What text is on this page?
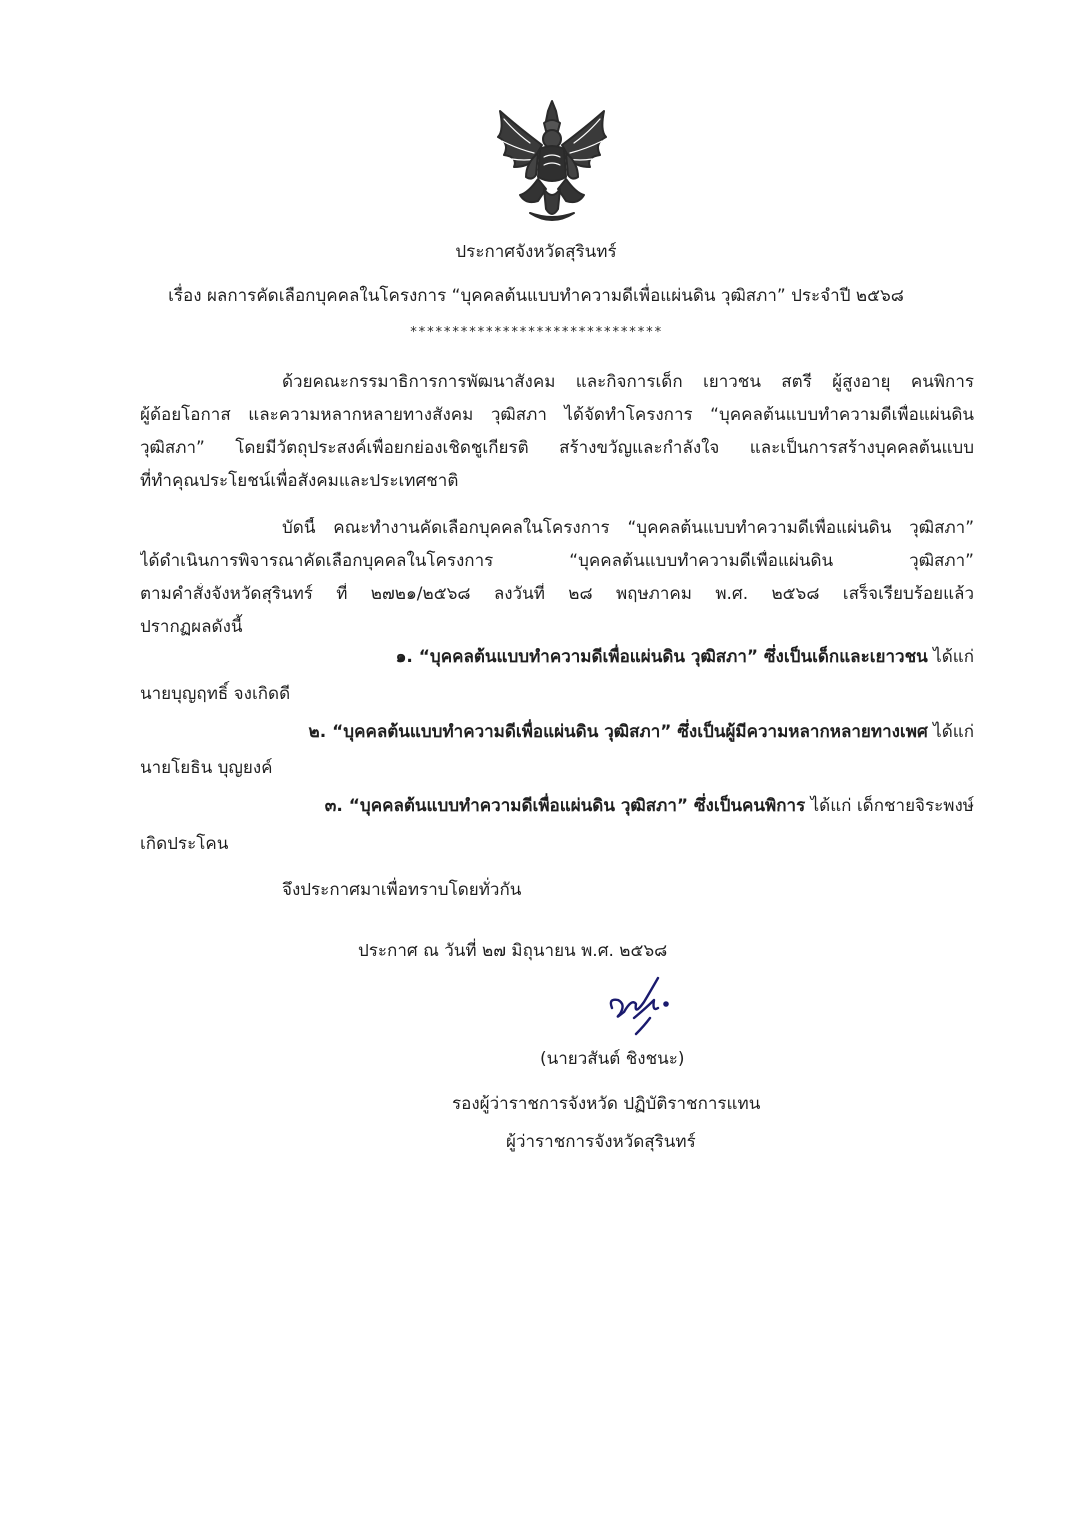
ประกาศจังหวัดสุรินทร์
เรื่อง ผลการคัดเลือกบุคคลในโครงการ “บุคคลต้นแบบทำความดีเพื่อแผ่นดิน วุฒิสภา” ประจำปี ๒๕๖๘
******************************
ด้วยคณะกรรมาธิการการพัฒนาสังคม และกิจการเด็ก เยาวชน สตรี ผู้สูงอายุ คนพิการ
ผู้ด้อยโอกาส และความหลากหลายทางสังคม วุฒิสภา ได้จัดทำโครงการ “บุคคลต้นแบบทำความดีเพื่อแผ่นดิน
วุฒิสภา” โดยมีวัตถุประสงค์เพื่อยกย่องเชิดชูเกียรติ สร้างขวัญและกำลังใจ และเป็นการสร้างบุคคลต้นแบบ
ที่ทำคุณประโยชน์เพื่อสังคมและประเทศชาติ
บัดนี้ คณะทำงานคัดเลือกบุคคลในโครงการ “บุคคลต้นแบบทำความดีเพื่อแผ่นดิน วุฒิสภา”
ได้ดำเนินการพิจารณาคัดเลือกบุคคลในโครงการ “บุคคลต้นแบบทำความดีเพื่อแผ่นดิน วุฒิสภา”
ตามคำสั่งจังหวัดสุรินทร์ ที่ ๒๗๒๑/๒๕๖๘ ลงวันที่ ๒๘ พฤษภาคม พ.ศ. ๒๕๖๘ เสร็จเรียบร้อยแล้ว
ปรากฏผลดังนี้
๑. “บุคคลต้นแบบทำความดีเพื่อแผ่นดิน วุฒิสภา” ซึ่งเป็นเด็กและเยาวชน ได้แก่
นายบุญฤทธิ์ จงเกิดดี
๒. “บุคคลต้นแบบทำความดีเพื่อแผ่นดิน วุฒิสภา” ซึ่งเป็นผู้มีความหลากหลายทางเพศ ได้แก่
นายโยธิน บุญยงค์
๓. “บุคคลต้นแบบทำความดีเพื่อแผ่นดิน วุฒิสภา” ซึ่งเป็นคนพิการ ได้แก่ เด็กชายจิระพงษ์
เกิดประโคน
จึงประกาศมาเพื่อทราบโดยทั่วกัน
ประกาศ ณ วันที่ ๒๗ มิถุนายน พ.ศ. ๒๕๖๘
(นายวสันต์ ชิงชนะ)
รองผู้ว่าราชการจังหวัด ปฏิบัติราชการแทน
ผู้ว่าราชการจังหวัดสุรินทร์
